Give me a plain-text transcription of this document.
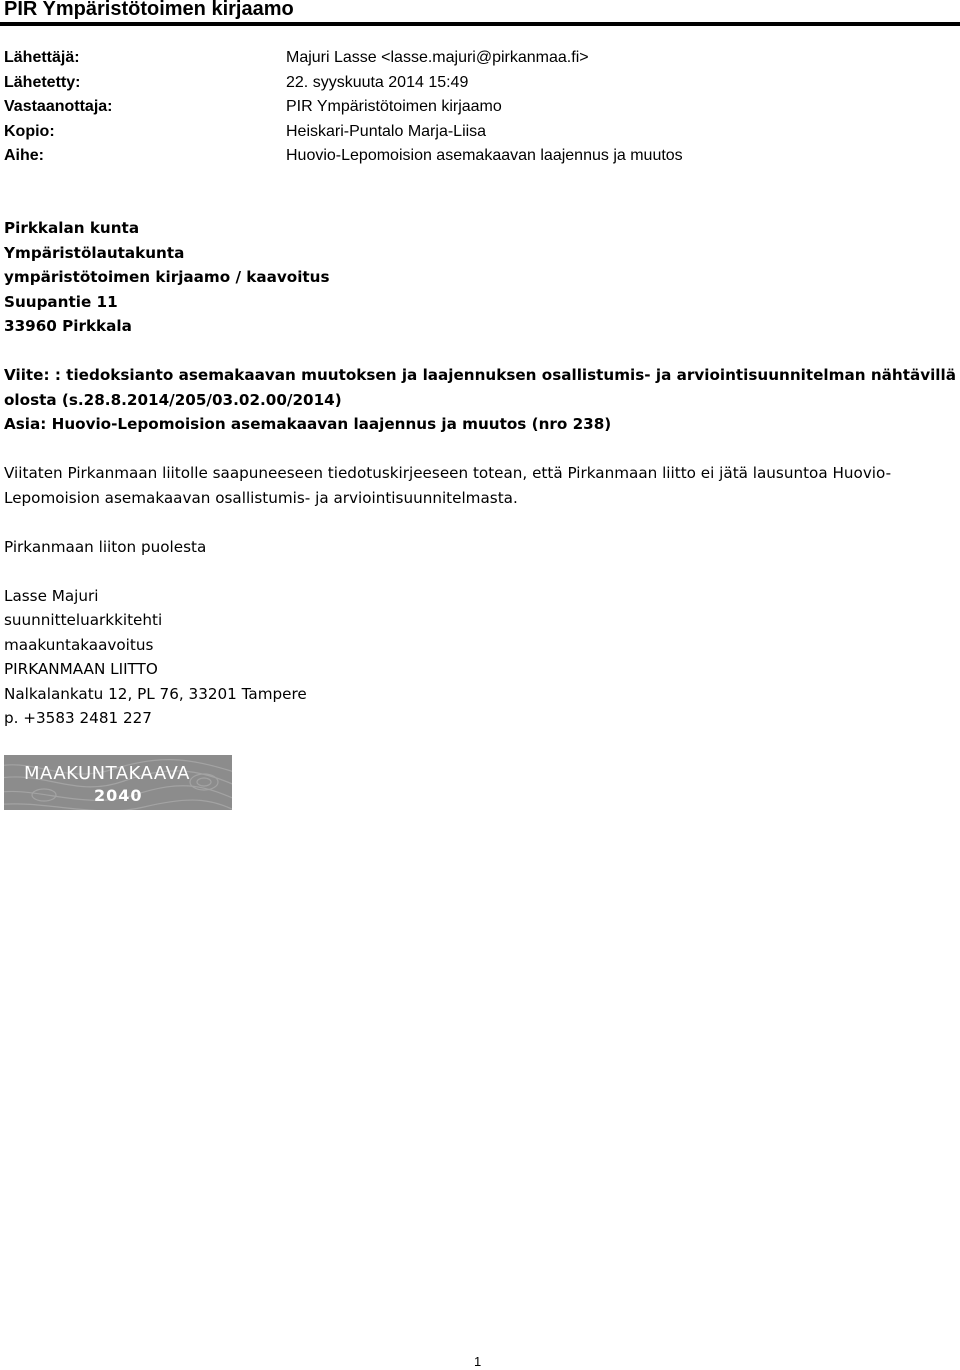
PIR Ympäristötoimen kirjaamo
Lähettäjä:	Majuri Lasse <lasse.majuri@pirkanmaa.fi>
Lähetetty:	22. syyskuuta 2014 15:49
Vastaanottaja:	PIR Ympäristötoimen kirjaamo
Kopio:	Heiskari-Puntalo Marja-Liisa
Aihe:	Huovio-Lepomoision asemakaavan laajennus ja muutos
Pirkkalan kunta
Ympäristölautakunta
ympäristötoimen kirjaamo / kaavoitus
Suupantie 11
33960 Pirkkala
Viite: : tiedoksianto asemakaavan muutoksen ja laajennuksen osallistumis- ja arviointisuunnitelman nähtävillä
olosta (s.28.8.2014/205/03.02.00/2014)
Asia: Huovio-Lepomoision asemakaavan laajennus ja muutos (nro 238)
Viitaten Pirkanmaan liitolle saapuneeseen tiedotuskirjeeseen totean, että Pirkanmaan liitto ei jätä lausuntoa Huovio-
Lepomoision asemakaavan osallistumis- ja arviointisuunnitelmasta.
Pirkanmaan liiton puolesta
Lasse Majuri
suunnitteluarkkitehti
maakuntakaavoitus
PIRKANMAAN LIITTO
Nalkalankatu 12, PL 76, 33201 Tampere
p. +3583 2481 227
MAAKUNTAKAAVA
2040
1
